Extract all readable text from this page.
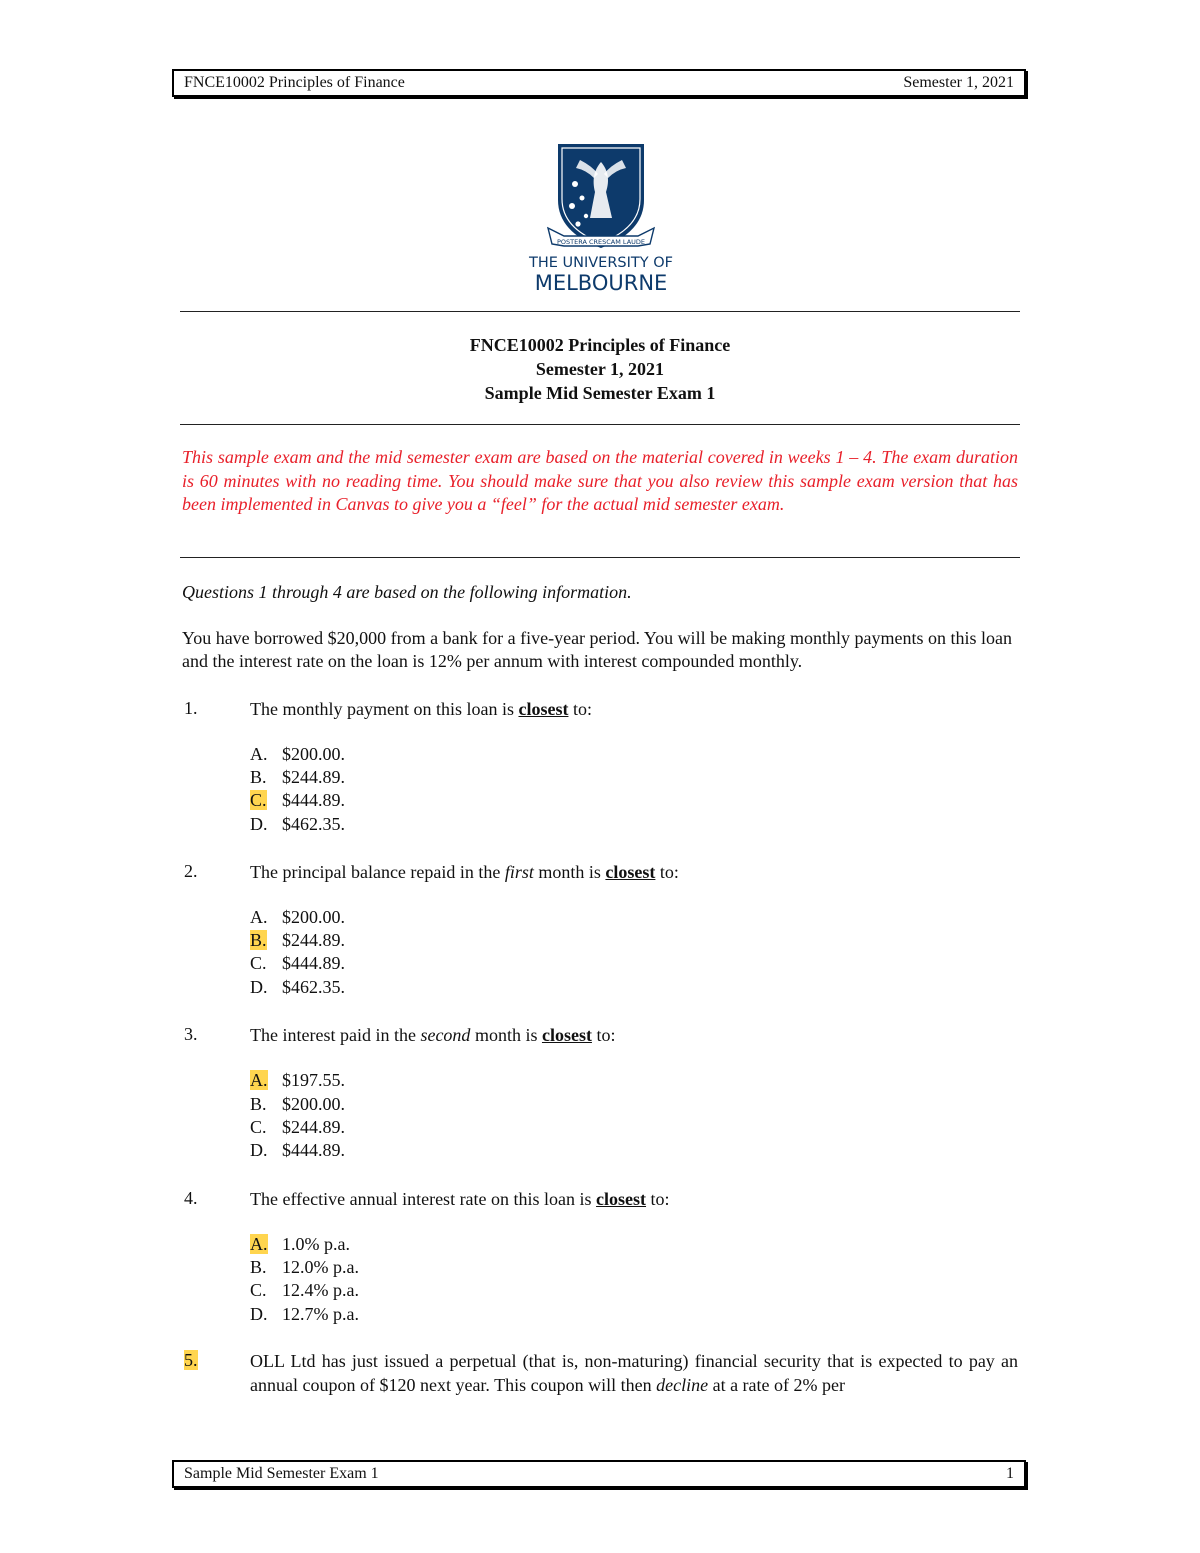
FNCE10002 Principles of Finance	Semester 1, 2021
POSTERA CRESCAM LAUDE
THE UNIVERSITY OF
MELBOURNE
FNCE10002 Principles of Finance
Semester 1, 2021
Sample Mid Semester Exam 1
This sample exam and the mid semester exam are based on the material covered in weeks 1 – 4. The exam duration is 60 minutes with no reading time. You should make sure that you also review this sample exam version that has been implemented in Canvas to give you a “feel” for the actual mid semester exam.
Questions 1 through 4 are based on the following information.
You have borrowed $20,000 from a bank for a five-year period. You will be making monthly payments on this loan and the interest rate on the loan is 12% per annum with interest compounded monthly.
1.	The monthly payment on this loan is closest to:
A. $200.00.
B. $244.89.
C. $444.89.
D. $462.35.
2.	The principal balance repaid in the first month is closest to:
A. $200.00.
B. $244.89.
C. $444.89.
D. $462.35.
3.	The interest paid in the second month is closest to:
A. $197.55.
B. $200.00.
C. $244.89.
D. $444.89.
4.	The effective annual interest rate on this loan is closest to:
A. 1.0% p.a.
B. 12.0% p.a.
C. 12.4% p.a.
D. 12.7% p.a.
5.	OLL Ltd has just issued a perpetual (that is, non-maturing) financial security that is expected to pay an annual coupon of $120 next year. This coupon will then decline at a rate of 2% per
Sample Mid Semester Exam 1	1
